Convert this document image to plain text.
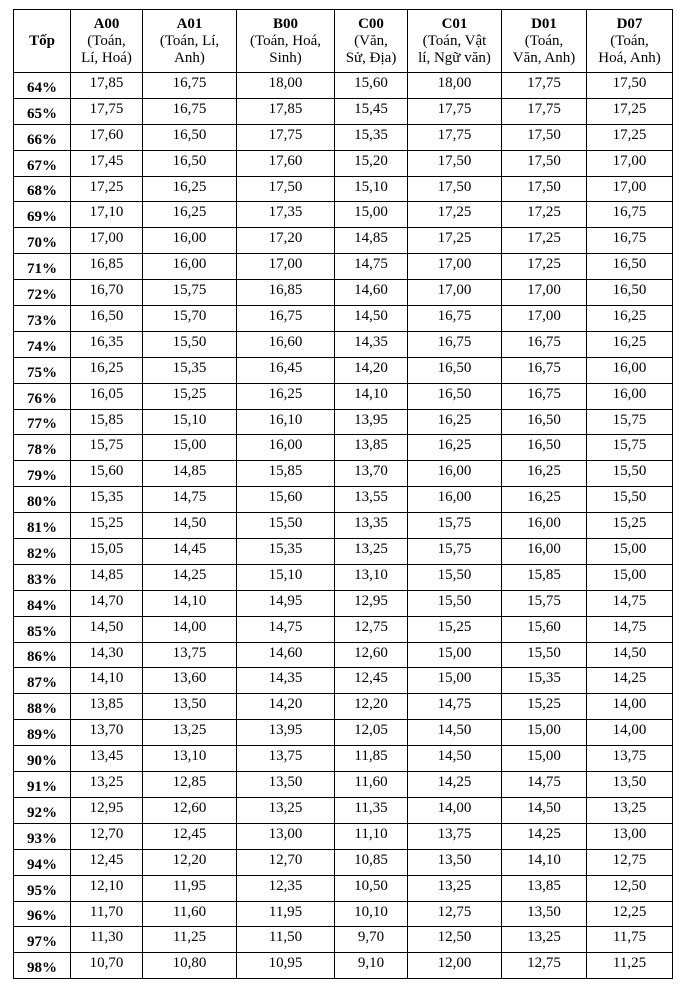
Tốp	A00
(Toán,
Lí, Hoá)	A01
(Toán, Lí,
Anh)	B00
(Toán, Hoá,
Sinh)	C00
(Văn,
Sử, Địa)	C01
(Toán, Vật
lí, Ngữ văn)	D01
(Toán,
Văn, Anh)	D07
(Toán,
Hoá, Anh)

64%	17,85	16,75	18,00	15,60	18,00	17,75	17,50
65%	17,75	16,75	17,85	15,45	17,75	17,75	17,25
66%	17,60	16,50	17,75	15,35	17,75	17,50	17,25
67%	17,45	16,50	17,60	15,20	17,50	17,50	17,00
68%	17,25	16,25	17,50	15,10	17,50	17,50	17,00
69%	17,10	16,25	17,35	15,00	17,25	17,25	16,75
70%	17,00	16,00	17,20	14,85	17,25	17,25	16,75
71%	16,85	16,00	17,00	14,75	17,00	17,25	16,50
72%	16,70	15,75	16,85	14,60	17,00	17,00	16,50
73%	16,50	15,70	16,75	14,50	16,75	17,00	16,25
74%	16,35	15,50	16,60	14,35	16,75	16,75	16,25
75%	16,25	15,35	16,45	14,20	16,50	16,75	16,00
76%	16,05	15,25	16,25	14,10	16,50	16,75	16,00
77%	15,85	15,10	16,10	13,95	16,25	16,50	15,75
78%	15,75	15,00	16,00	13,85	16,25	16,50	15,75
79%	15,60	14,85	15,85	13,70	16,00	16,25	15,50
80%	15,35	14,75	15,60	13,55	16,00	16,25	15,50
81%	15,25	14,50	15,50	13,35	15,75	16,00	15,25
82%	15,05	14,45	15,35	13,25	15,75	16,00	15,00
83%	14,85	14,25	15,10	13,10	15,50	15,85	15,00
84%	14,70	14,10	14,95	12,95	15,50	15,75	14,75
85%	14,50	14,00	14,75	12,75	15,25	15,60	14,75
86%	14,30	13,75	14,60	12,60	15,00	15,50	14,50
87%	14,10	13,60	14,35	12,45	15,00	15,35	14,25
88%	13,85	13,50	14,20	12,20	14,75	15,25	14,00
89%	13,70	13,25	13,95	12,05	14,50	15,00	14,00
90%	13,45	13,10	13,75	11,85	14,50	15,00	13,75
91%	13,25	12,85	13,50	11,60	14,25	14,75	13,50
92%	12,95	12,60	13,25	11,35	14,00	14,50	13,25
93%	12,70	12,45	13,00	11,10	13,75	14,25	13,00
94%	12,45	12,20	12,70	10,85	13,50	14,10	12,75
95%	12,10	11,95	12,35	10,50	13,25	13,85	12,50
96%	11,70	11,60	11,95	10,10	12,75	13,50	12,25
97%	11,30	11,25	11,50	9,70	12,50	13,25	11,75
98%	10,70	10,80	10,95	9,10	12,00	12,75	11,25
